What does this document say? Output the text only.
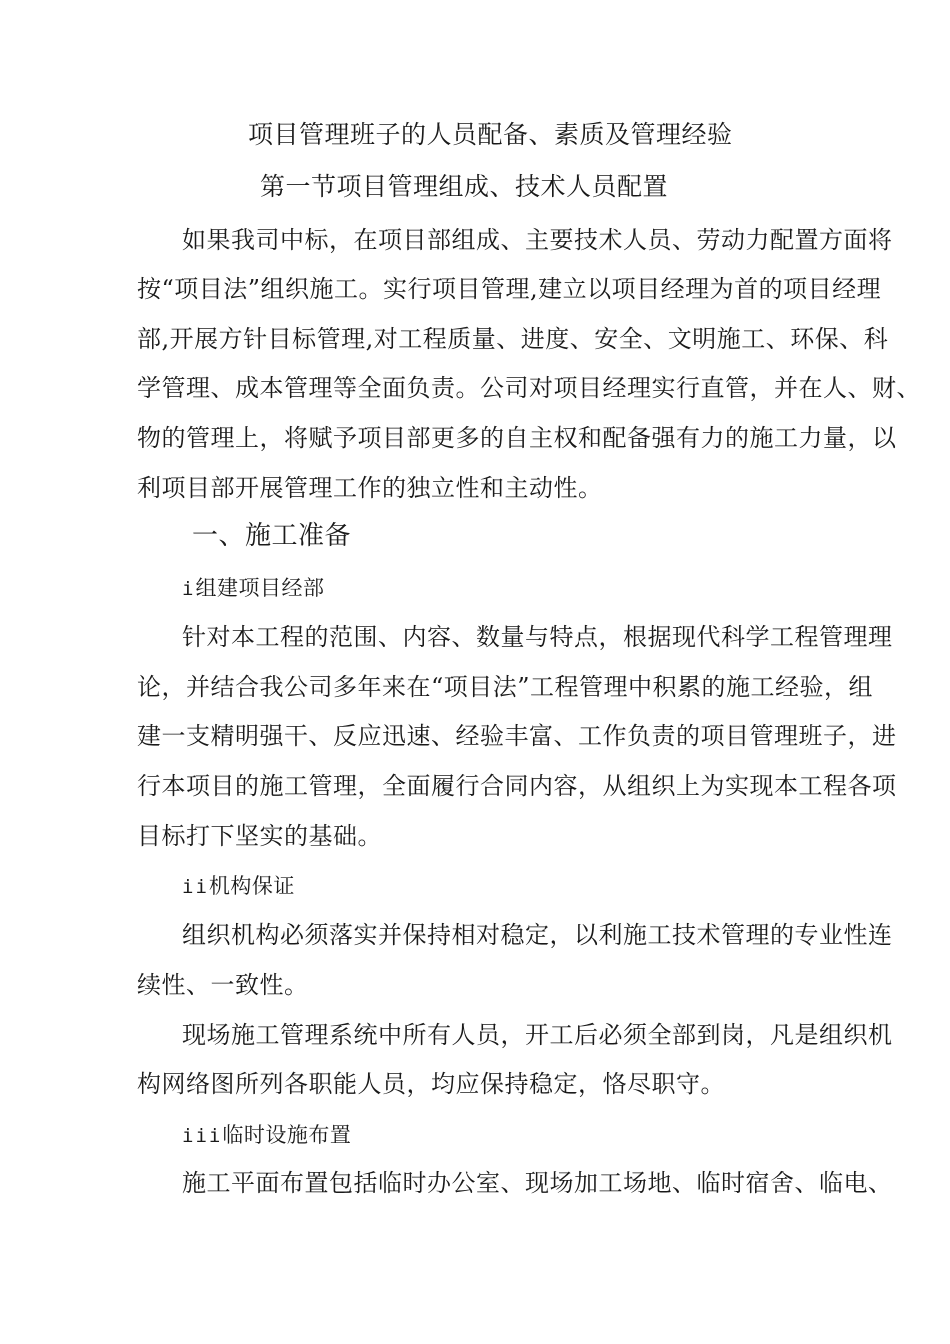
项目管理班子的人员配备、素质及管理经验
第一节项目管理组成、技术人员配置
如果我司中标，在项目部组成、主要技术人员、劳动力配置方面将
按“项目法”组织施工。实行项目管理,建立以项目经理为首的项目经理
部,开展方针目标管理,对工程质量、进度、安全、文明施工、环保、科
学管理、成本管理等全面负责。公司对项目经理实行直管，并在人、财、
物的管理上，将赋予项目部更多的自主权和配备强有力的施工力量，以
利项目部开展管理工作的独立性和主动性。
一、施工准备
i组建项目经部
针对本工程的范围、内容、数量与特点，根据现代科学工程管理理
论，并结合我公司多年来在“项目法”工程管理中积累的施工经验，组
建一支精明强干、反应迅速、经验丰富、工作负责的项目管理班子，进
行本项目的施工管理，全面履行合同内容，从组织上为实现本工程各项
目标打下坚实的基础。
ii机构保证
组织机构必须落实并保持相对稳定，以利施工技术管理的专业性连
续性、一致性。
现场施工管理系统中所有人员，开工后必须全部到岗，凡是组织机
构网络图所列各职能人员，均应保持稳定，恪尽职守。
iii临时设施布置
施工平面布置包括临时办公室、现场加工场地、临时宿舍、临电、
